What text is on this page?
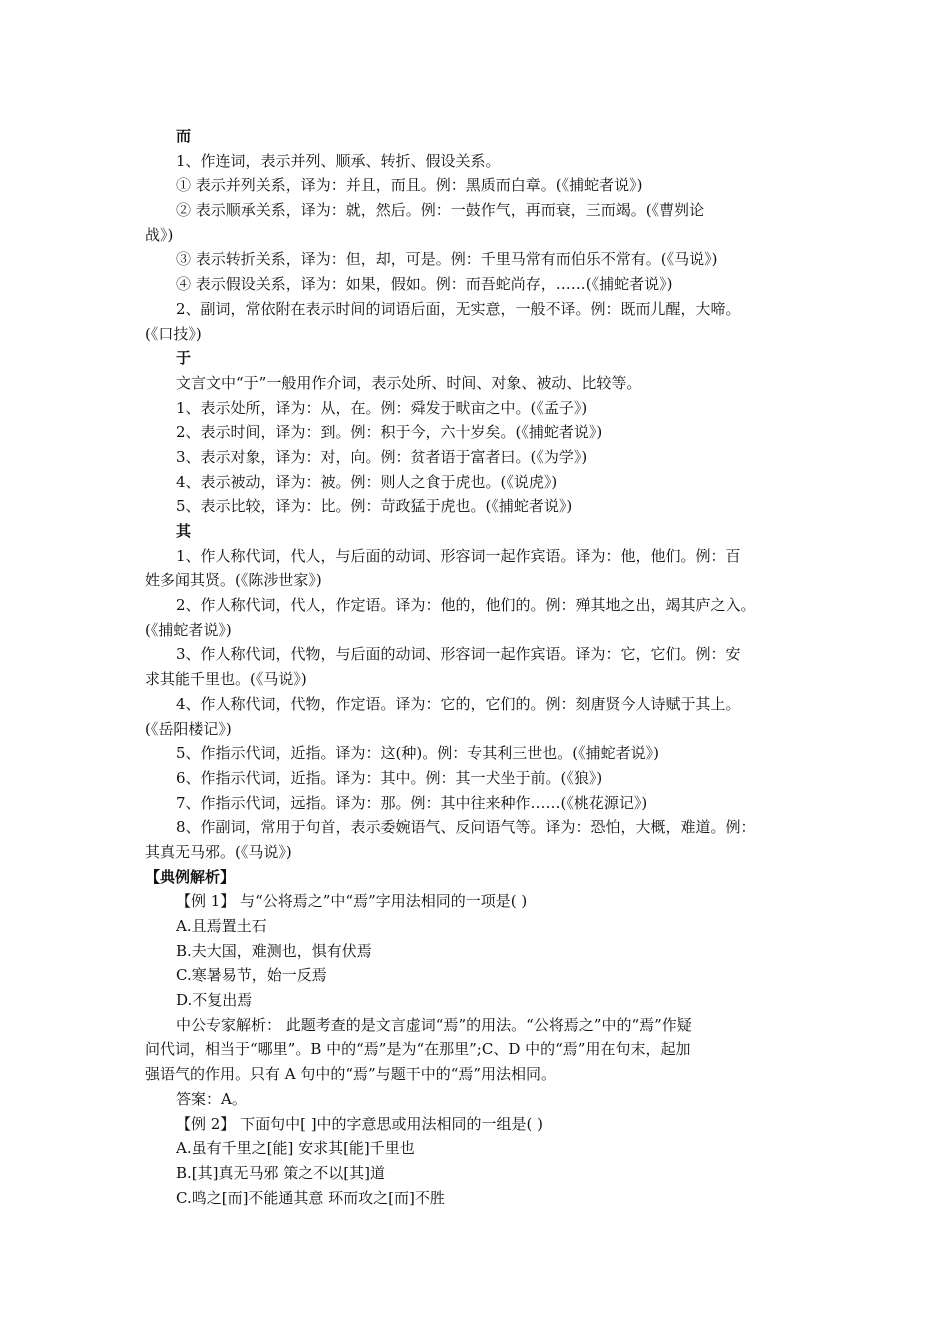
而
1、作连词，表示并列、顺承、转折、假设关系。
① 表示并列关系，译为：并且，而且。例：黑质而白章。(《捕蛇者说》)
② 表示顺承关系，译为：就，然后。例：一鼓作气，再而衰，三而竭。(《曹刿论
战》)
③ 表示转折关系，译为：但，却，可是。例：千里马常有而伯乐不常有。(《马说》)
④ 表示假设关系，译为：如果，假如。例：而吾蛇尚存，……(《捕蛇者说》)
2、副词，常依附在表示时间的词语后面，无实意，一般不译。例：既而儿醒，大啼。
(《口技》)
于
文言文中“于”一般用作介词，表示处所、时间、对象、被动、比较等。
1、表示处所，译为：从，在。例：舜发于畎亩之中。(《孟子》)
2、表示时间，译为：到。例：积于今，六十岁矣。(《捕蛇者说》)
3、表示对象，译为：对，向。例：贫者语于富者曰。(《为学》)
4、表示被动，译为：被。例：则人之食于虎也。(《说虎》)
5、表示比较，译为：比。例：苛政猛于虎也。(《捕蛇者说》)
其
1、作人称代词，代人，与后面的动词、形容词一起作宾语。译为：他，他们。例：百
姓多闻其贤。(《陈涉世家》)
2、作人称代词，代人，作定语。译为：他的，他们的。例：殚其地之出，竭其庐之入。
(《捕蛇者说》)
3、作人称代词，代物，与后面的动词、形容词一起作宾语。译为：它，它们。例：安
求其能千里也。(《马说》)
4、作人称代词，代物，作定语。译为：它的，它们的。例：刻唐贤今人诗赋于其上。
(《岳阳楼记》)
5、作指示代词，近指。译为：这(种)。例：专其利三世也。(《捕蛇者说》)
6、作指示代词，近指。译为：其中。例：其一犬坐于前。(《狼》)
7、作指示代词，远指。译为：那。例：其中往来种作……(《桃花源记》)
8、作副词，常用于句首，表示委婉语气、反问语气等。译为：恐怕，大概，难道。例：
其真无马邪。(《马说》)
【典例解析】
【例 1】 与“公将焉之”中“焉”字用法相同的一项是( )
A.且焉置土石
B.夫大国，难测也，惧有伏焉
C.寒暑易节，始一反焉
D.不复出焉
中公专家解析： 此题考查的是文言虚词“焉”的用法。“公将焉之”中的“焉”作疑
问代词，相当于“哪里”。B 中的“焉”是为“在那里”;C、D 中的“焉”用在句末，起加
强语气的作用。只有 A 句中的“焉”与题干中的“焉”用法相同。
答案：A。
【例 2】 下面句中[ ]中的字意思或用法相同的一组是( )
A.虽有千里之[能] 安求其[能]千里也
B.[其]真无马邪 策之不以[其]道
C.鸣之[而]不能通其意 环而攻之[而]不胜
